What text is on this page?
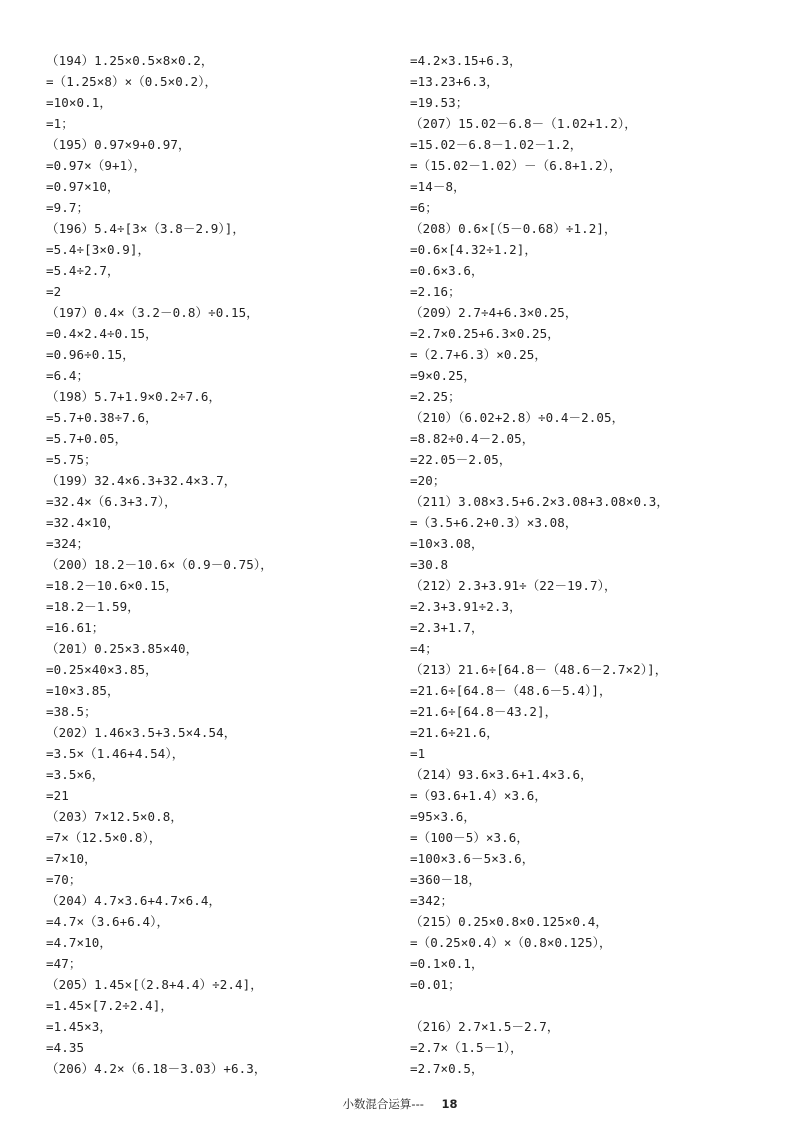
（194）1.25×0.5×8×0.2，
=（1.25×8）×（0.5×0.2），
=10×0.1，
=1；
（195）0.97×9+0.97，
=0.97×（9+1），
=0.97×10，
=9.7；
（196）5.4÷[3×（3.8－2.9）]，
=5.4÷[3×0.9]，
=5.4÷2.7，
=2
（197）0.4×（3.2－0.8）÷0.15，
=0.4×2.4÷0.15，
=0.96÷0.15，
=6.4；
（198）5.7+1.9×0.2÷7.6，
=5.7+0.38÷7.6，
=5.7+0.05，
=5.75；
（199）32.4×6.3+32.4×3.7，
=32.4×（6.3+3.7），
=32.4×10，
=324；
（200）18.2－10.6×（0.9－0.75），
=18.2－10.6×0.15，
=18.2－1.59，
=16.61；
（201）0.25×3.85×40，
=0.25×40×3.85，
=10×3.85，
=38.5；
（202）1.46×3.5+3.5×4.54，
=3.5×（1.46+4.54），
=3.5×6，
=21
（203）7×12.5×0.8，
=7×（12.5×0.8），
=7×10，
=70；
（204）4.7×3.6+4.7×6.4，
=4.7×（3.6+6.4），
=4.7×10，
=47；
（205）1.45×[（2.8+4.4）÷2.4]，
=1.45×[7.2÷2.4]，
=1.45×3，
=4.35
（206）4.2×（6.18－3.03）+6.3，
=4.2×3.15+6.3，
=13.23+6.3，
=19.53；
（207）15.02－6.8－（1.02+1.2），
=15.02－6.8－1.02－1.2，
=（15.02－1.02）－（6.8+1.2），
=14－8，
=6；
（208）0.6×[（5－0.68）÷1.2]，
=0.6×[4.32÷1.2]，
=0.6×3.6，
=2.16；
（209）2.7÷4+6.3×0.25，
=2.7×0.25+6.3×0.25，
=（2.7+6.3）×0.25，
=9×0.25，
=2.25；
（210）（6.02+2.8）÷0.4－2.05，
=8.82÷0.4－2.05，
=22.05－2.05，
=20；
（211）3.08×3.5+6.2×3.08+3.08×0.3，
=（3.5+6.2+0.3）×3.08，
=10×3.08，
=30.8
（212）2.3+3.91÷（22－19.7），
=2.3+3.91÷2.3，
=2.3+1.7，
=4；
（213）21.6÷[64.8－（48.6－2.7×2）]，
=21.6÷[64.8－（48.6－5.4）]，
=21.6÷[64.8－43.2]，
=21.6÷21.6，
=1
（214）93.6×3.6+1.4×3.6，
=（93.6+1.4）×3.6，
=95×3.6，
=（100－5）×3.6，
=100×3.6－5×3.6，
=360－18，
=342；
（215）0.25×0.8×0.125×0.4，
=（0.25×0.4）×（0.8×0.125），
=0.1×0.1，
=0.01；
（216）2.7×1.5－2.7，
=2.7×（1.5－1），
=2.7×0.5，
小数混合运算--- 18
